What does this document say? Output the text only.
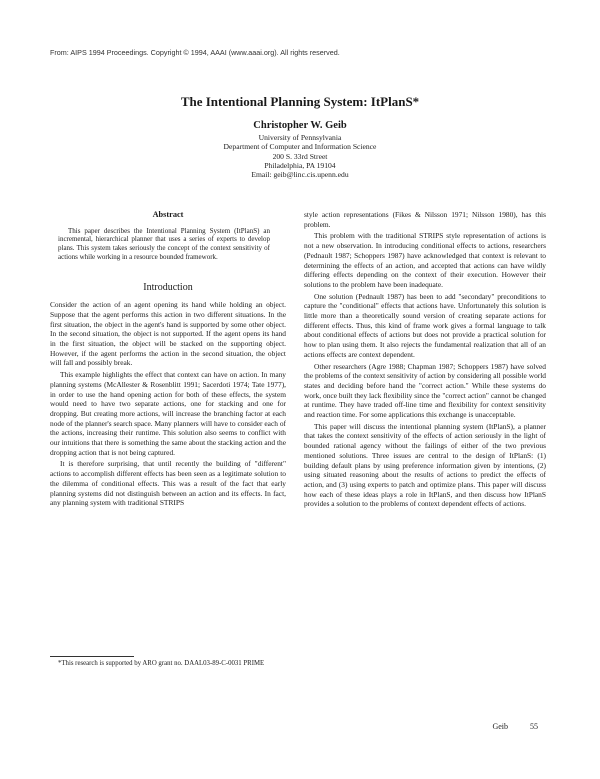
From: AIPS 1994 Proceedings. Copyright © 1994, AAAI (www.aaai.org). All rights reserved.
The Intentional Planning System: ItPlanS*
Christopher W. Geib
University of Pennsylvania
Department of Computer and Information Science
200 S. 33rd Street
Philadelphia, PA 19104
Email: geib@linc.cis.upenn.edu
Abstract

This paper describes the Intentional Planning System (ItPlanS) an incremental, hierarchical planner that uses a series of experts to develop plans. This system takes seriously the concept of the context sensitivity of actions while working in a resource bounded framework.

Introduction

Consider the action of an agent opening its hand while holding an object. Suppose that the agent performs this action in two different situations. In the first situation, the object in the agent's hand is supported by some other object. In the second situation, the object is not supported. If the agent opens its hand in the first situation, the object will be stacked on the supporting object. However, if the agent performs the action in the second situation, the object will fall and possibly break.

This example highlights the effect that context can have on action. In many planning systems (McAllester & Rosenblitt 1991; Sacerdoti 1974; Tate 1977), in order to use the hand opening action for both of these effects, the system would need to have two separate actions, one for stacking and one for dropping. But creating more actions, will increase the branching factor at each node of the planner's search space. Many planners will have to consider each of the actions, increasing their runtime. This solution also seems to conflict with our intuitions that there is something the same about the stacking action and the dropping action that is not being captured.

It is therefore surprising, that until recently the building of "different" actions to accomplish different effects has been seen as a legitimate solution to the dilemma of conditional effects. This was a result of the fact that early planning systems did not distinguish between an action and its effects. In fact, any planning system with traditional STRIPS

*This research is supported by ARO grant no. DAAL03-89-C-0031 PRIME

style action representations (Fikes & Nilsson 1971; Nilsson 1980), has this problem.

This problem with the traditional STRIPS style representation of actions is not a new observation. In introducing conditional effects to actions, researchers (Pednault 1987; Schoppers 1987) have acknowledged that context is relevant to determining the effects of an action, and accepted that actions can have wildly differing effects depending on the context of their execution. However their solutions to the problem have been inadequate.

One solution (Pednault 1987) has been to add "secondary" preconditions to capture the "conditional" effects that actions have. Unfortunately this solution is little more than a theoretically sound version of creating separate actions for different effects. Thus, this kind of frame work gives a formal language to talk about conditional effects of actions but does not provide a practical solution for how to plan using them. It also rejects the fundamental realization that all of an actions effects are context dependent.

Other researchers (Agre 1988; Chapman 1987; Schoppers 1987) have solved the problems of the context sensitivity of action by considering all possible world states and deciding before hand the "correct action." While these systems do work, once built they lack flexibility since the "correct action" cannot be changed at runtime. They have traded off-line time and flexibility for context sensitivity and reaction time. For some applications this exchange is unacceptable.

This paper will discuss the intentional planning system (ItPlanS), a planner that takes the context sensitivity of the effects of action seriously in the light of bounded rational agency without the failings of either of the two previous mentioned solutions. Three issues are central to the design of ItPlanS: (1) building default plans by using preference information given by intentions, (2) using situated reasoning about the results of actions to predict the effects of action, and (3) using experts to patch and optimize plans. This paper will discuss how each of these ideas plays a role in ItPlanS, and then discuss how ItPlanS provides a solution to the problems of context dependent effects of actions.

Geib	55
